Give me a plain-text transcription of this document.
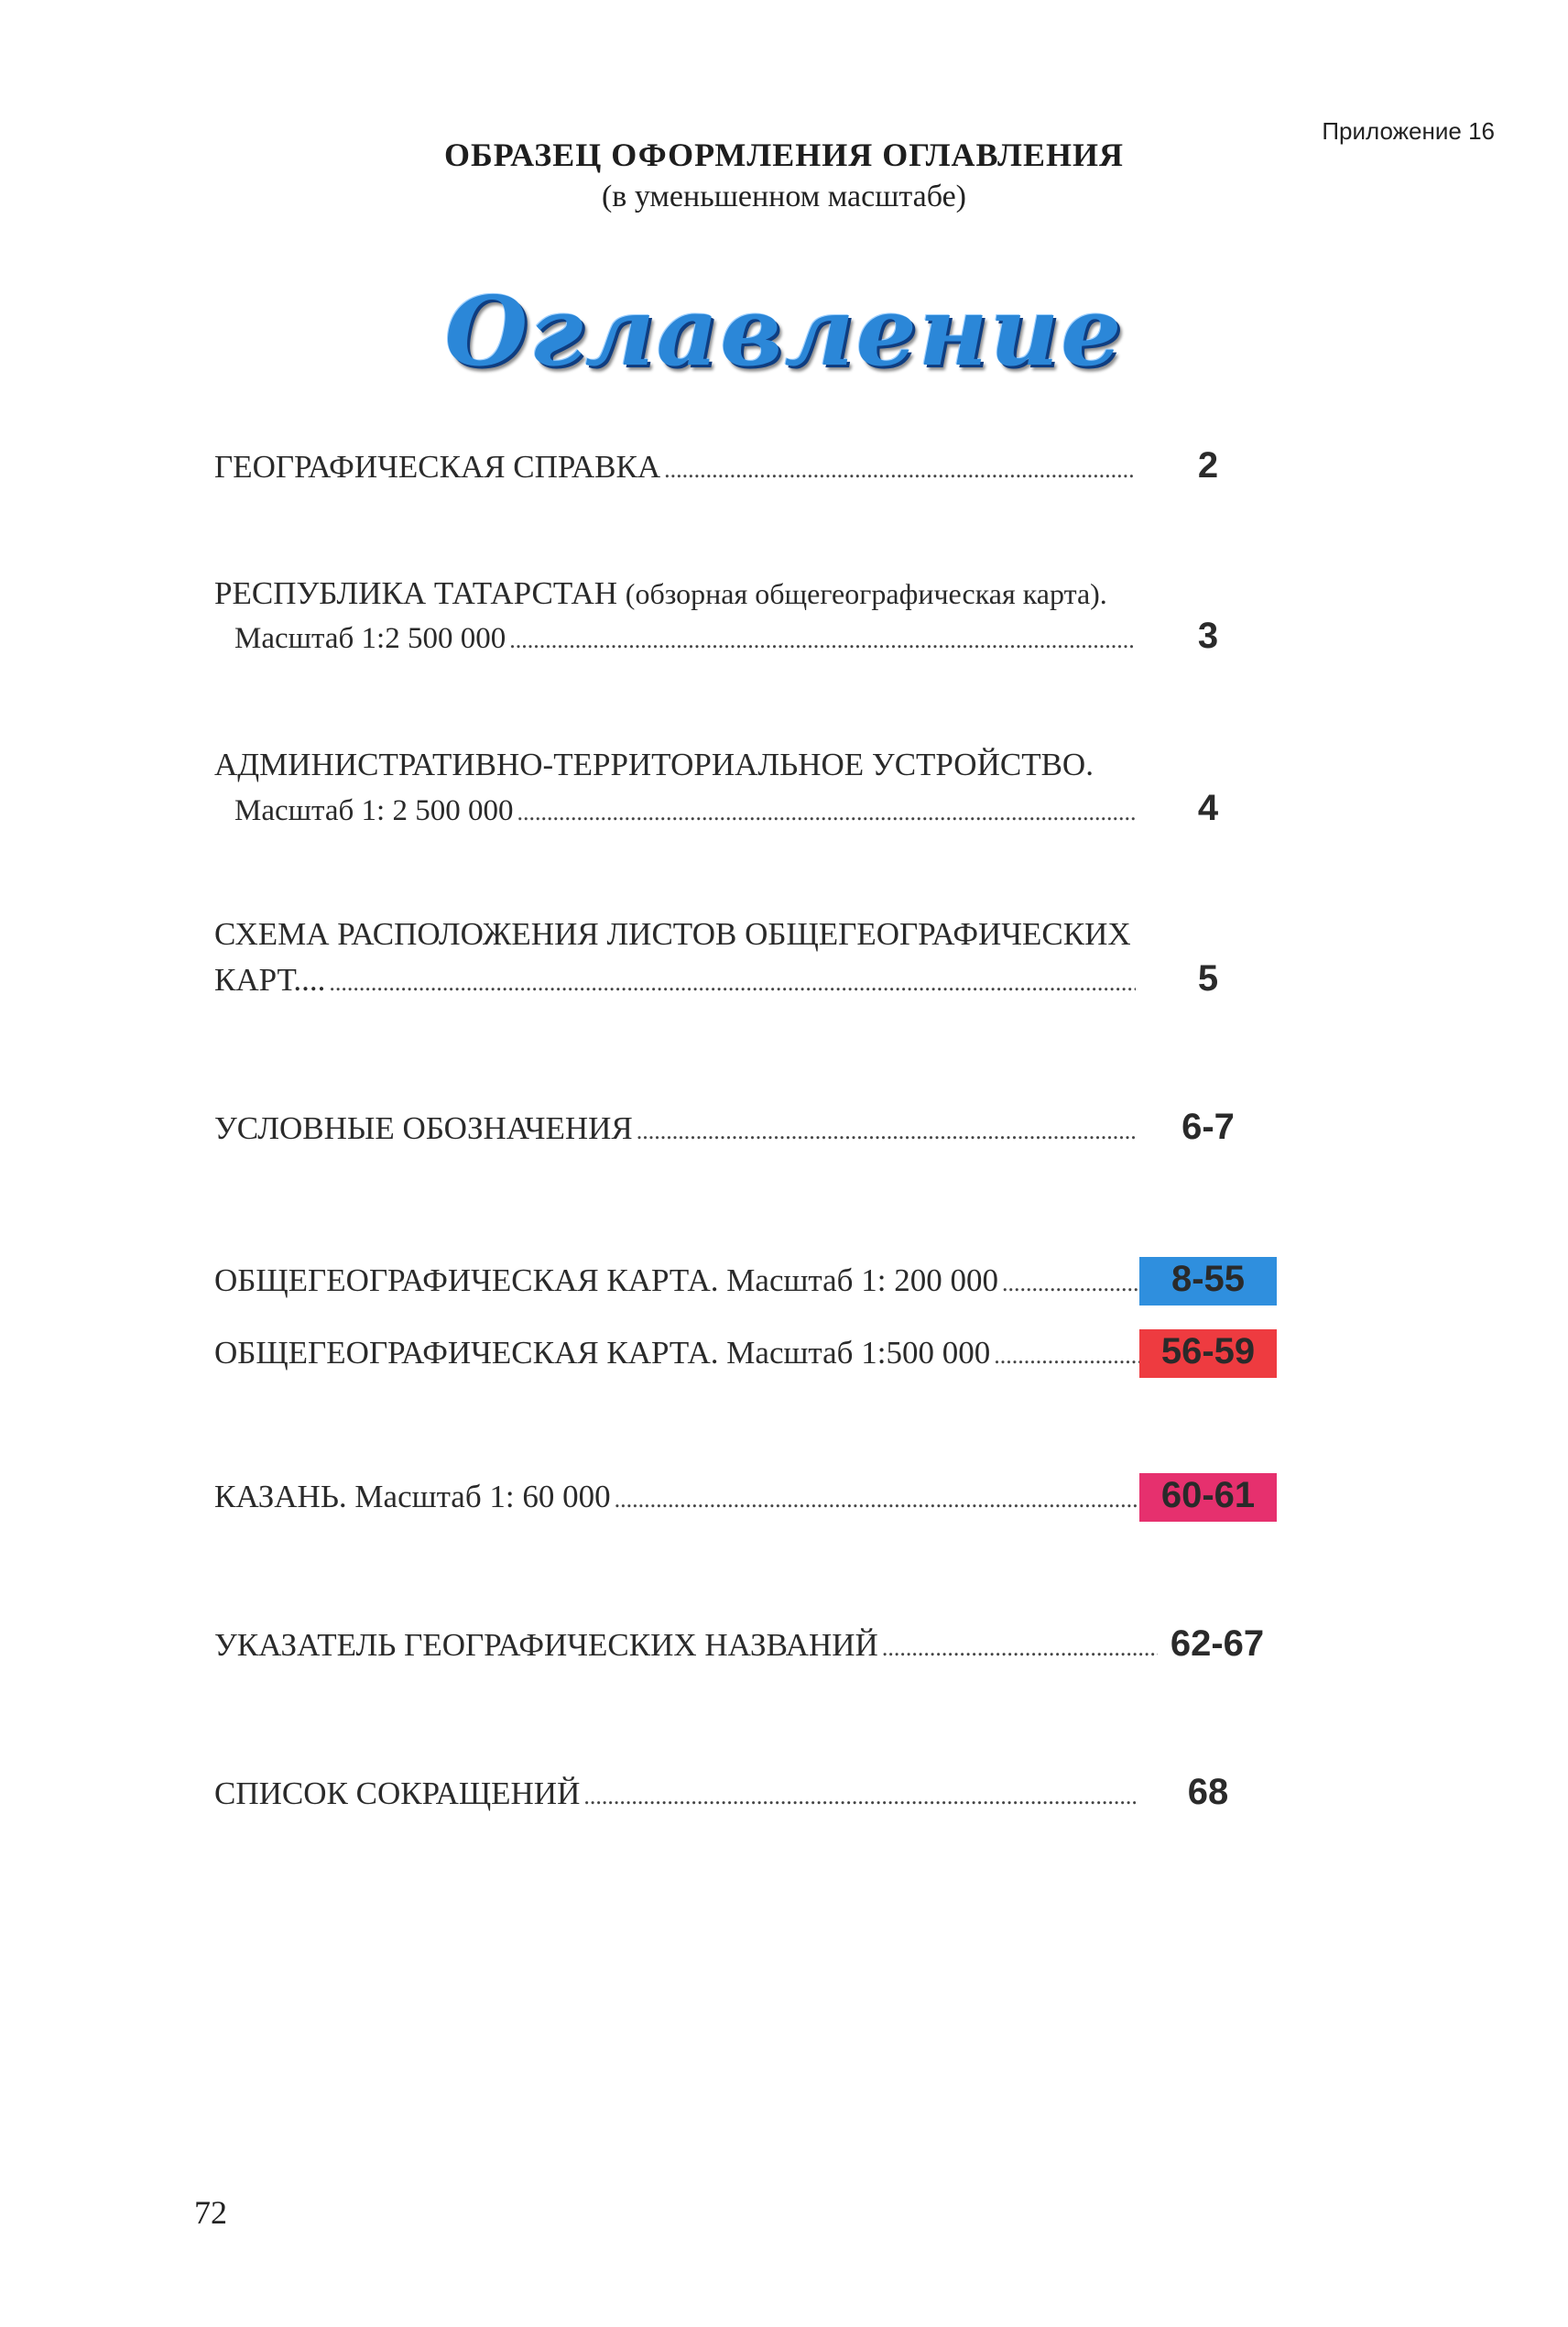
Приложение 16
ОБРАЗЕЦ ОФОРМЛЕНИЯ ОГЛАВЛЕНИЯ
(в уменьшенном масштабе)
Оглавление
ГЕОГРАФИЧЕСКАЯ СПРАВКА .....	2
РЕСПУБЛИКА ТАТАРСТАН (обзорная общегеографическая карта).
Масштаб 1:2 500 000 .....	3
АДМИНИСТРАТИВНО-ТЕРРИТОРИАЛЬНОЕ УСТРОЙСТВО.
Масштаб 1: 2 500 000 .....	4
СХЕМА РАСПОЛОЖЕНИЯ ЛИСТОВ ОБЩЕГЕОГРАФИЧЕСКИХ
КАРТ.... .....	5
УСЛОВНЫЕ ОБОЗНАЧЕНИЯ .....	6-7
ОБЩЕГЕОГРАФИЧЕСКАЯ КАРТА. Масштаб 1: 200 000 .....	8-55
ОБЩЕГЕОГРАФИЧЕСКАЯ КАРТА. Масштаб 1:500 000 .....	56-59
КАЗАНЬ. Масштаб 1: 60 000 .....	60-61
УКАЗАТЕЛЬ ГЕОГРАФИЧЕСКИХ НАЗВАНИЙ .....	62-67
СПИСОК СОКРАЩЕНИЙ .....	68
72
